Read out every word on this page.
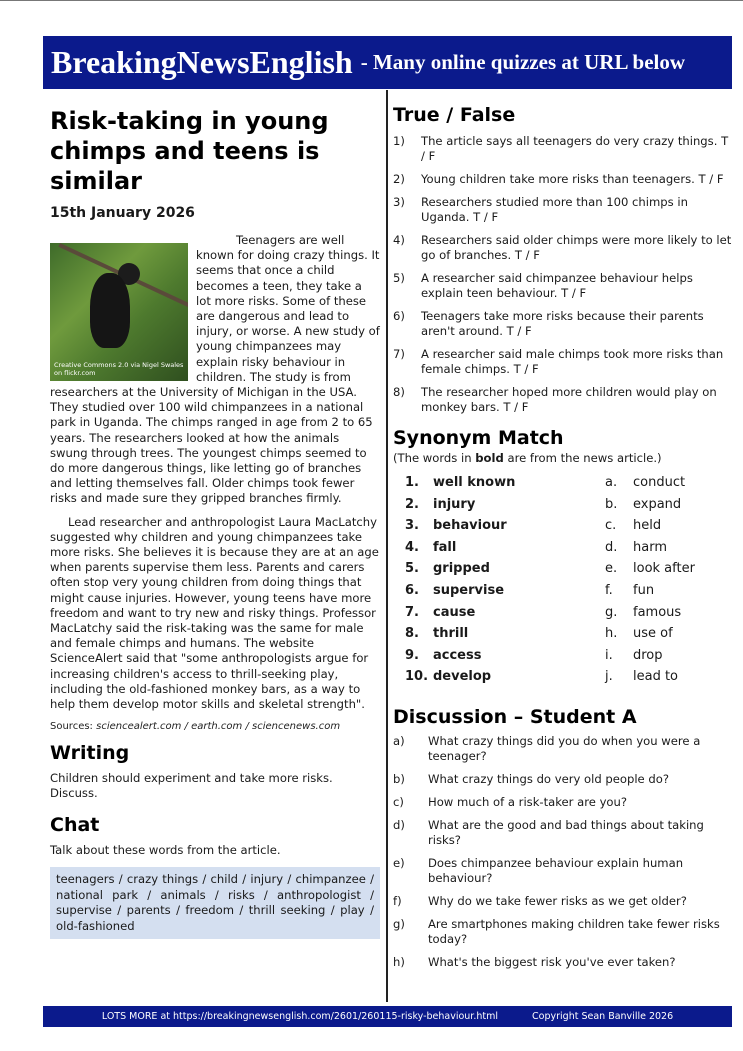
BreakingNewsEnglish - Many online quizzes at URL below
Risk-taking in young chimps and teens is similar
15th January 2026
Creative Commons 2.0 via Nigel Swales on flickr.com

Teenagers are well known for doing crazy things. It seems that once a child becomes a teen, they take a lot more risks. Some of these are dangerous and lead to injury, or worse. A new study of young chimpanzees may explain risky behaviour in children. The study is from researchers at the University of Michigan in the USA. They studied over 100 wild chimpanzees in a national park in Uganda. The chimps ranged in age from 2 to 65 years. The researchers looked at how the animals swung through trees. The youngest chimps seemed to do more dangerous things, like letting go of branches and letting themselves fall. Older chimps took fewer risks and made sure they gripped branches firmly.

Lead researcher and anthropologist Laura MacLatchy suggested why children and young chimpanzees take more risks. She believes it is because they are at an age when parents supervise them less. Parents and carers often stop very young children from doing things that might cause injuries. However, young teens have more freedom and want to try new and risky things. Professor MacLatchy said the risk-taking was the same for male and female chimps and humans. The website ScienceAlert said that "some anthropologists argue for increasing children's access to thrill-seeking play, including the old-fashioned monkey bars, as a way to help them develop motor skills and skeletal strength".

Sources: sciencealert.com / earth.com / sciencenews.com
Writing
Children should experiment and take more risks. Discuss.
Chat
Talk about these words from the article.
teenagers / crazy things / child / injury / chimpanzee / national park / animals / risks / anthropologist / supervise / parents / freedom / thrill seeking / play / old-fashioned
True / False
1)	The article says all teenagers do very crazy things. T / F
2)	Young children take more risks than teenagers. T / F
3)	Researchers studied more than 100 chimps in Uganda. T / F
4)	Researchers said older chimps were more likely to let go of branches. T / F
5)	A researcher said chimpanzee behaviour helps explain teen behaviour. T / F
6)	Teenagers take more risks because their parents aren't around. T / F
7)	A researcher said male chimps took more risks than female chimps. T / F
8)	The researcher hoped more children would play on monkey bars. T / F
Synonym Match
(The words in bold are from the news article.)
1.	well known	a.	conduct
2.	injury	b.	expand
3.	behaviour	c.	held
4.	fall	d.	harm
5.	gripped	e.	look after
6.	supervise	f.	fun
7.	cause	g.	famous
8.	thrill	h.	use of
9.	access	i.	drop
10. develop	j.	lead to
Discussion – Student A
a)	What crazy things did you do when you were a teenager?
b)	What crazy things do very old people do?
c)	How much of a risk-taker are you?
d)	What are the good and bad things about taking risks?
e)	Does chimpanzee behaviour explain human behaviour?
f)	Why do we take fewer risks as we get older?
g)	Are smartphones making children take fewer risks today?
h)	What's the biggest risk you've ever taken?
LOTS MORE at https://breakingnewsenglish.com/2601/260115-risky-behaviour.html	Copyright Sean Banville 2026
